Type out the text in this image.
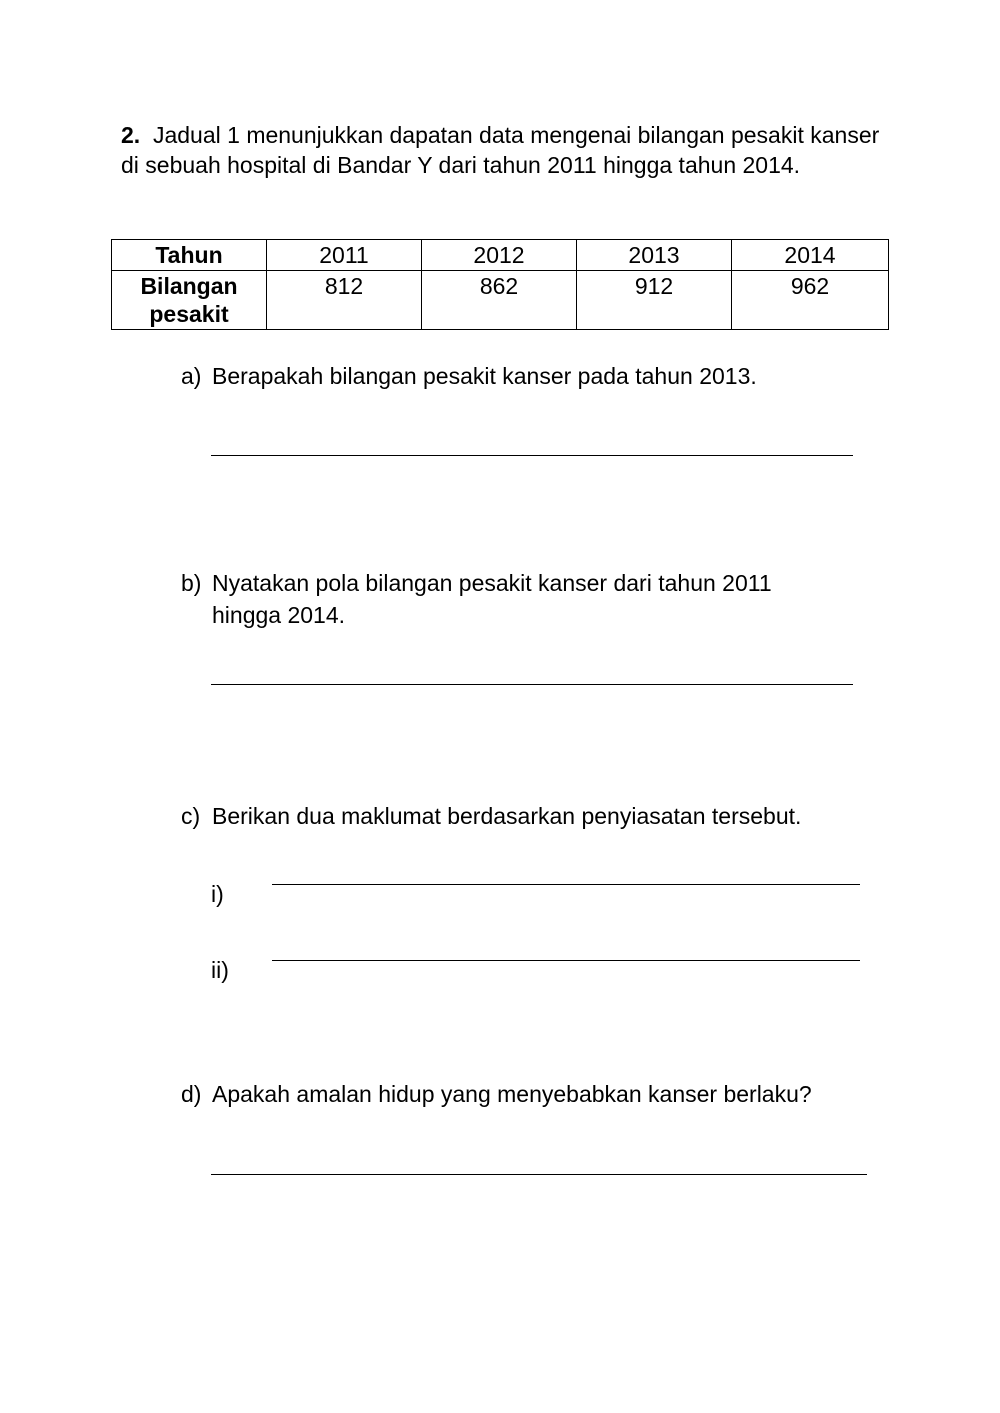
2. Jadual 1 menunjukkan dapatan data mengenai bilangan pesakit kanser di sebuah hospital di Bandar Y dari tahun 2011 hingga tahun 2014.

Tahun	2011	2012	2013	2014
Bilangan
pesakit	812	862	912	962

a) Berapakah bilangan pesakit kanser pada tahun 2013.

b) Nyatakan pola bilangan pesakit kanser dari tahun 2011 hingga 2014.

c) Berikan dua maklumat berdasarkan penyiasatan tersebut.

i)
ii)

d) Apakah amalan hidup yang menyebabkan kanser berlaku?
